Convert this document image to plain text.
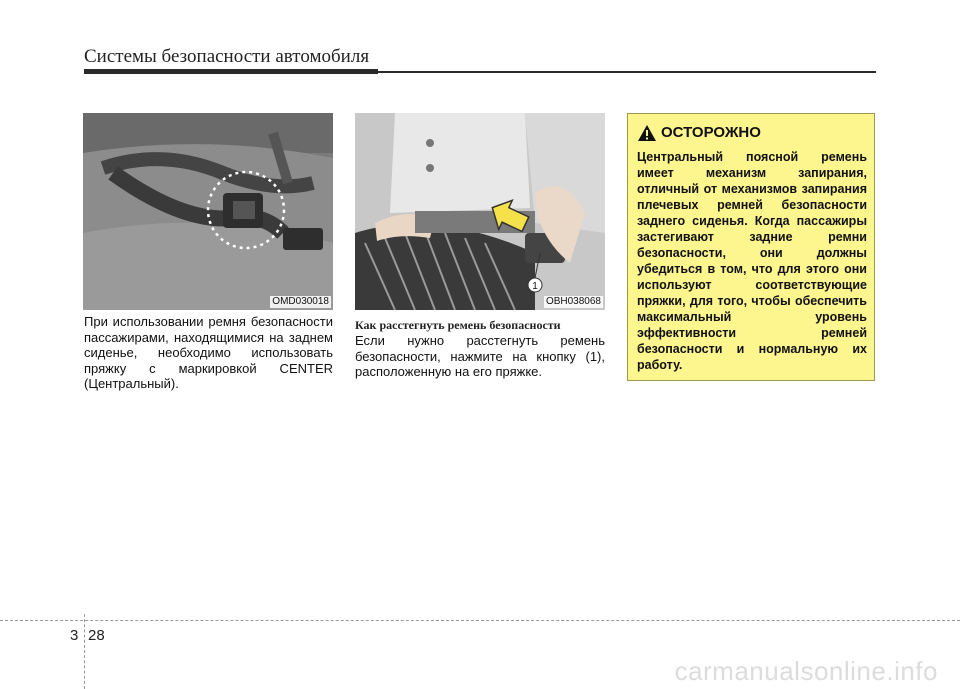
Системы безопасности автомобиля
OMD030018
При использовании ремня безопасности пассажирами, находящимися на заднем сиденье, необходимо использовать пряжку с маркировкой CENTER (Центральный).
1
OBH038068
Как расстегнуть ремень безопасности
Если нужно расстегнуть ремень безопасности, нажмите на кнопку (1), расположенную на его пряжке.
ОСТОРОЖНО
Центральный поясной ремень имеет механизм запирания, отличный от механизмов запирания плечевых ремней безопасности заднего сиденья. Когда пассажиры застегивают задние ремни безопасности, они должны убедиться в том, что для этого они используют соответствующие пряжки, для того, чтобы обеспечить максимальный уровень эффективности ремней безопасности и нормальную их работу.
3 28
carmanualsonline.info
